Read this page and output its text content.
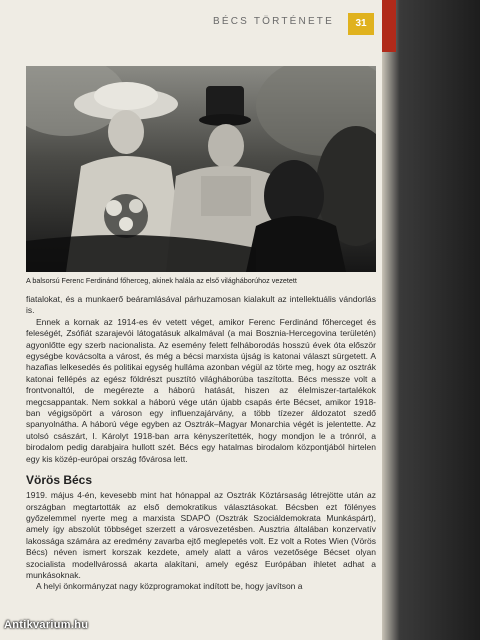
BÉCS TÖRTÉNETE	31
A balsorsú Ferenc Ferdinánd főherceg, akinek halála az első világháborúhoz vezetett

fiatalokat, és a munkaerő beáramlásával párhuzamosan kialakult az intellektuális vándorlás is.

Ennek a kornak az 1914-es év vetett véget, amikor Ferenc Ferdinánd főherceget és feleségét, Zsófiát szarajevói látogatásuk alkalmával (a mai Bosznia-Hercegovina területén) agyonlőtte egy szerb nacionalista. Az esemény felett felháborodás hosszú évek óta először egységbe kovácsolta a várost, és még a bécsi marxista újság is katonai választ sürgetett. A hazafias lelkesedés és politikai egység hulláma azonban végül az törte meg, hogy az osztrák katonai fellépés az egész földrészt pusztító világháborúba taszította. Bécs messze volt a frontvonaltól, de megérezte a háború hatását, hiszen az élelmiszer-tartalékok megcsappantak. Nem sokkal a háború vége után újabb csapás érte Bécset, amikor 1918-ban végigsöpört a városon egy influenzajárvány, a több tízezer áldozatot szedő spanyolnátha. A háború vége egyben az Osztrák–Magyar Monarchia végét is jelentette. Az utolsó császárt, I. Károlyt 1918-ban arra kényszerítették, hogy mondjon le a trónról, a birodalom pedig darabjaira hullott szét. Bécs egy hatalmas birodalom központjából hirtelen egy kis közép-európai ország fővárosa lett.

Vörös Bécs

1919. május 4-én, kevesebb mint hat hónappal az Osztrák Köztársaság létrejötte után az országban megtartották az első demokratikus választásokat. Bécsben ezt fölényes győzelemmel nyerte meg a marxista SDAPÖ (Osztrák Szociáldemokrata Munkáspárt), amely így abszolút többséget szerzett a városvezetésben. Ausztria általában konzervatív lakossága számára az eredmény zavarba ejtő meglepetés volt. Ez volt a Rotes Wien (Vörös Bécs) néven ismert korszak kezdete, amely alatt a város vezetősége Bécset olyan szocialista modellvárossá akarta alakítani, amely egész Európában ihletet adhat a munkásoknak.

A helyi önkormányzat nagy közprogramokat indított be, hogy javítson a

Antikvarium.hu
